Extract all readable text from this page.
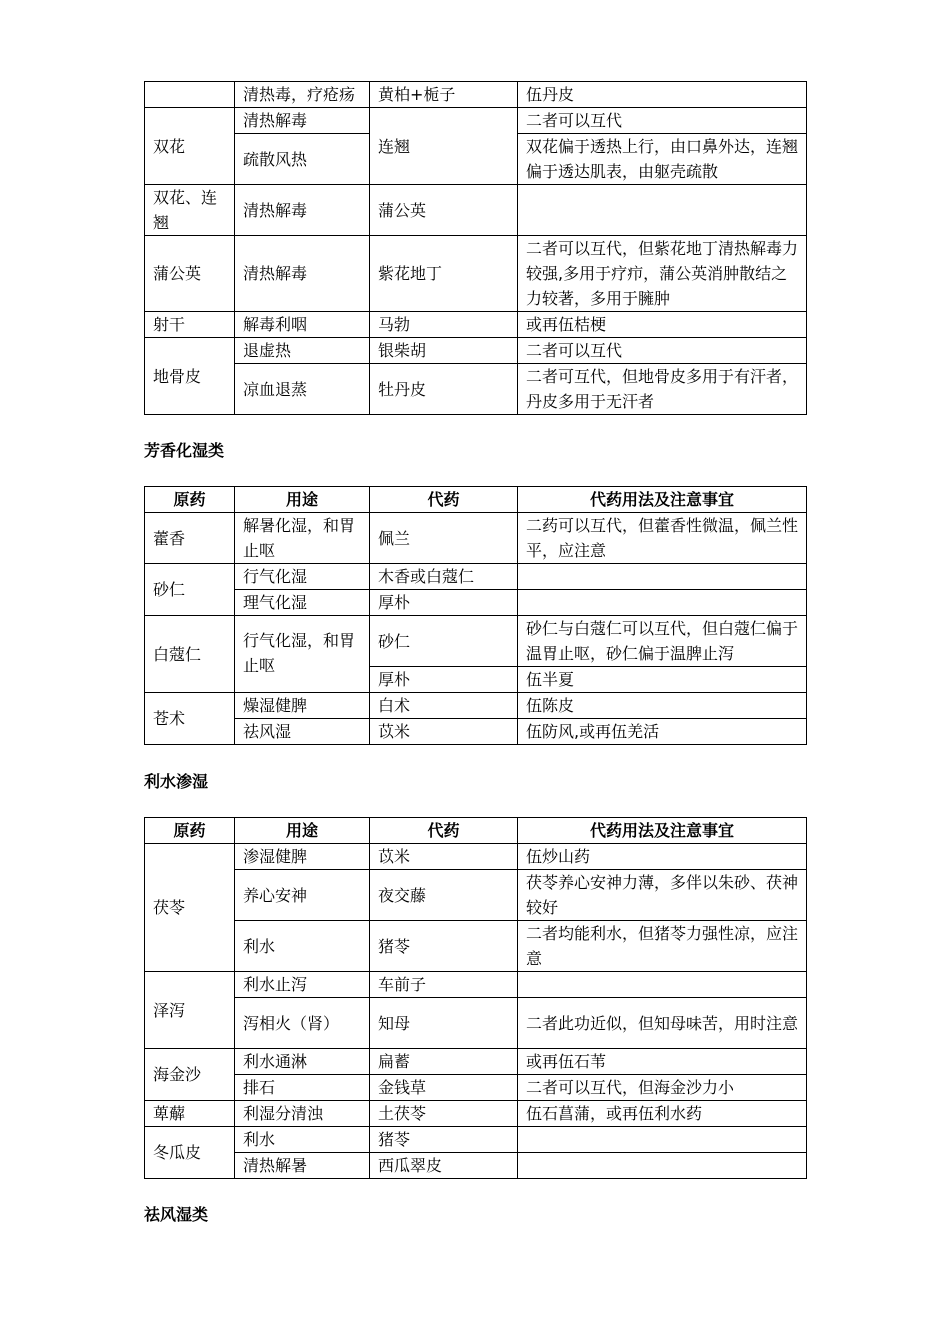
	清热毒，疗疮疡	黄柏+栀子	伍丹皮
双花	清热解毒	连翘	二者可以互代
	疏散风热		双花偏于透热上行，由口鼻外达，连翘偏于透达肌表，由躯壳疏散
双花、连翘	清热解毒	蒲公英	
蒲公英	清热解毒	紫花地丁	二者可以互代，但紫花地丁清热解毒力较强,多用于疗疖，蒲公英消肿散结之力较著，多用于臃肿
射干	解毒利咽	马勃	或再伍桔梗
地骨皮	退虚热	银柴胡	二者可以互代
	凉血退蒸	牡丹皮	二者可互代，但地骨皮多用于有汗者，丹皮多用于无汗者
芳香化湿类
原药	用途	代药	代药用法及注意事宜
藿香	解暑化湿，和胃止呕	佩兰	二药可以互代，但藿香性微温，佩兰性平，应注意
砂仁	行气化湿	木香或白蔻仁	
	理气化湿	厚朴	
白蔻仁	行气化湿，和胃止呕	砂仁	砂仁与白蔻仁可以互代，但白蔻仁偏于温胃止呕，砂仁偏于温脾止泻
		厚朴	伍半夏
苍术	燥湿健脾	白术	伍陈皮
	祛风湿	苡米	伍防风,或再伍羌活
利水渗湿
原药	用途	代药	代药用法及注意事宜
茯苓	渗湿健脾	苡米	伍炒山药
	养心安神	夜交藤	茯苓养心安神力薄，多伴以朱砂、茯神较好
	利水	猪苓	二者均能利水，但猪苓力强性凉，应注意
泽泻	利水止泻	车前子	
	泻相火（肾）	知母	二者此功近似，但知母味苦，用时注意
海金沙	利水通淋	扁蓄	或再伍石苇
	排石	金钱草	二者可以互代，但海金沙力小
萆薢	利湿分清浊	土茯苓	伍石菖蒲，或再伍利水药
冬瓜皮	利水	猪苓	
	清热解暑	西瓜翠皮	
祛风湿类
